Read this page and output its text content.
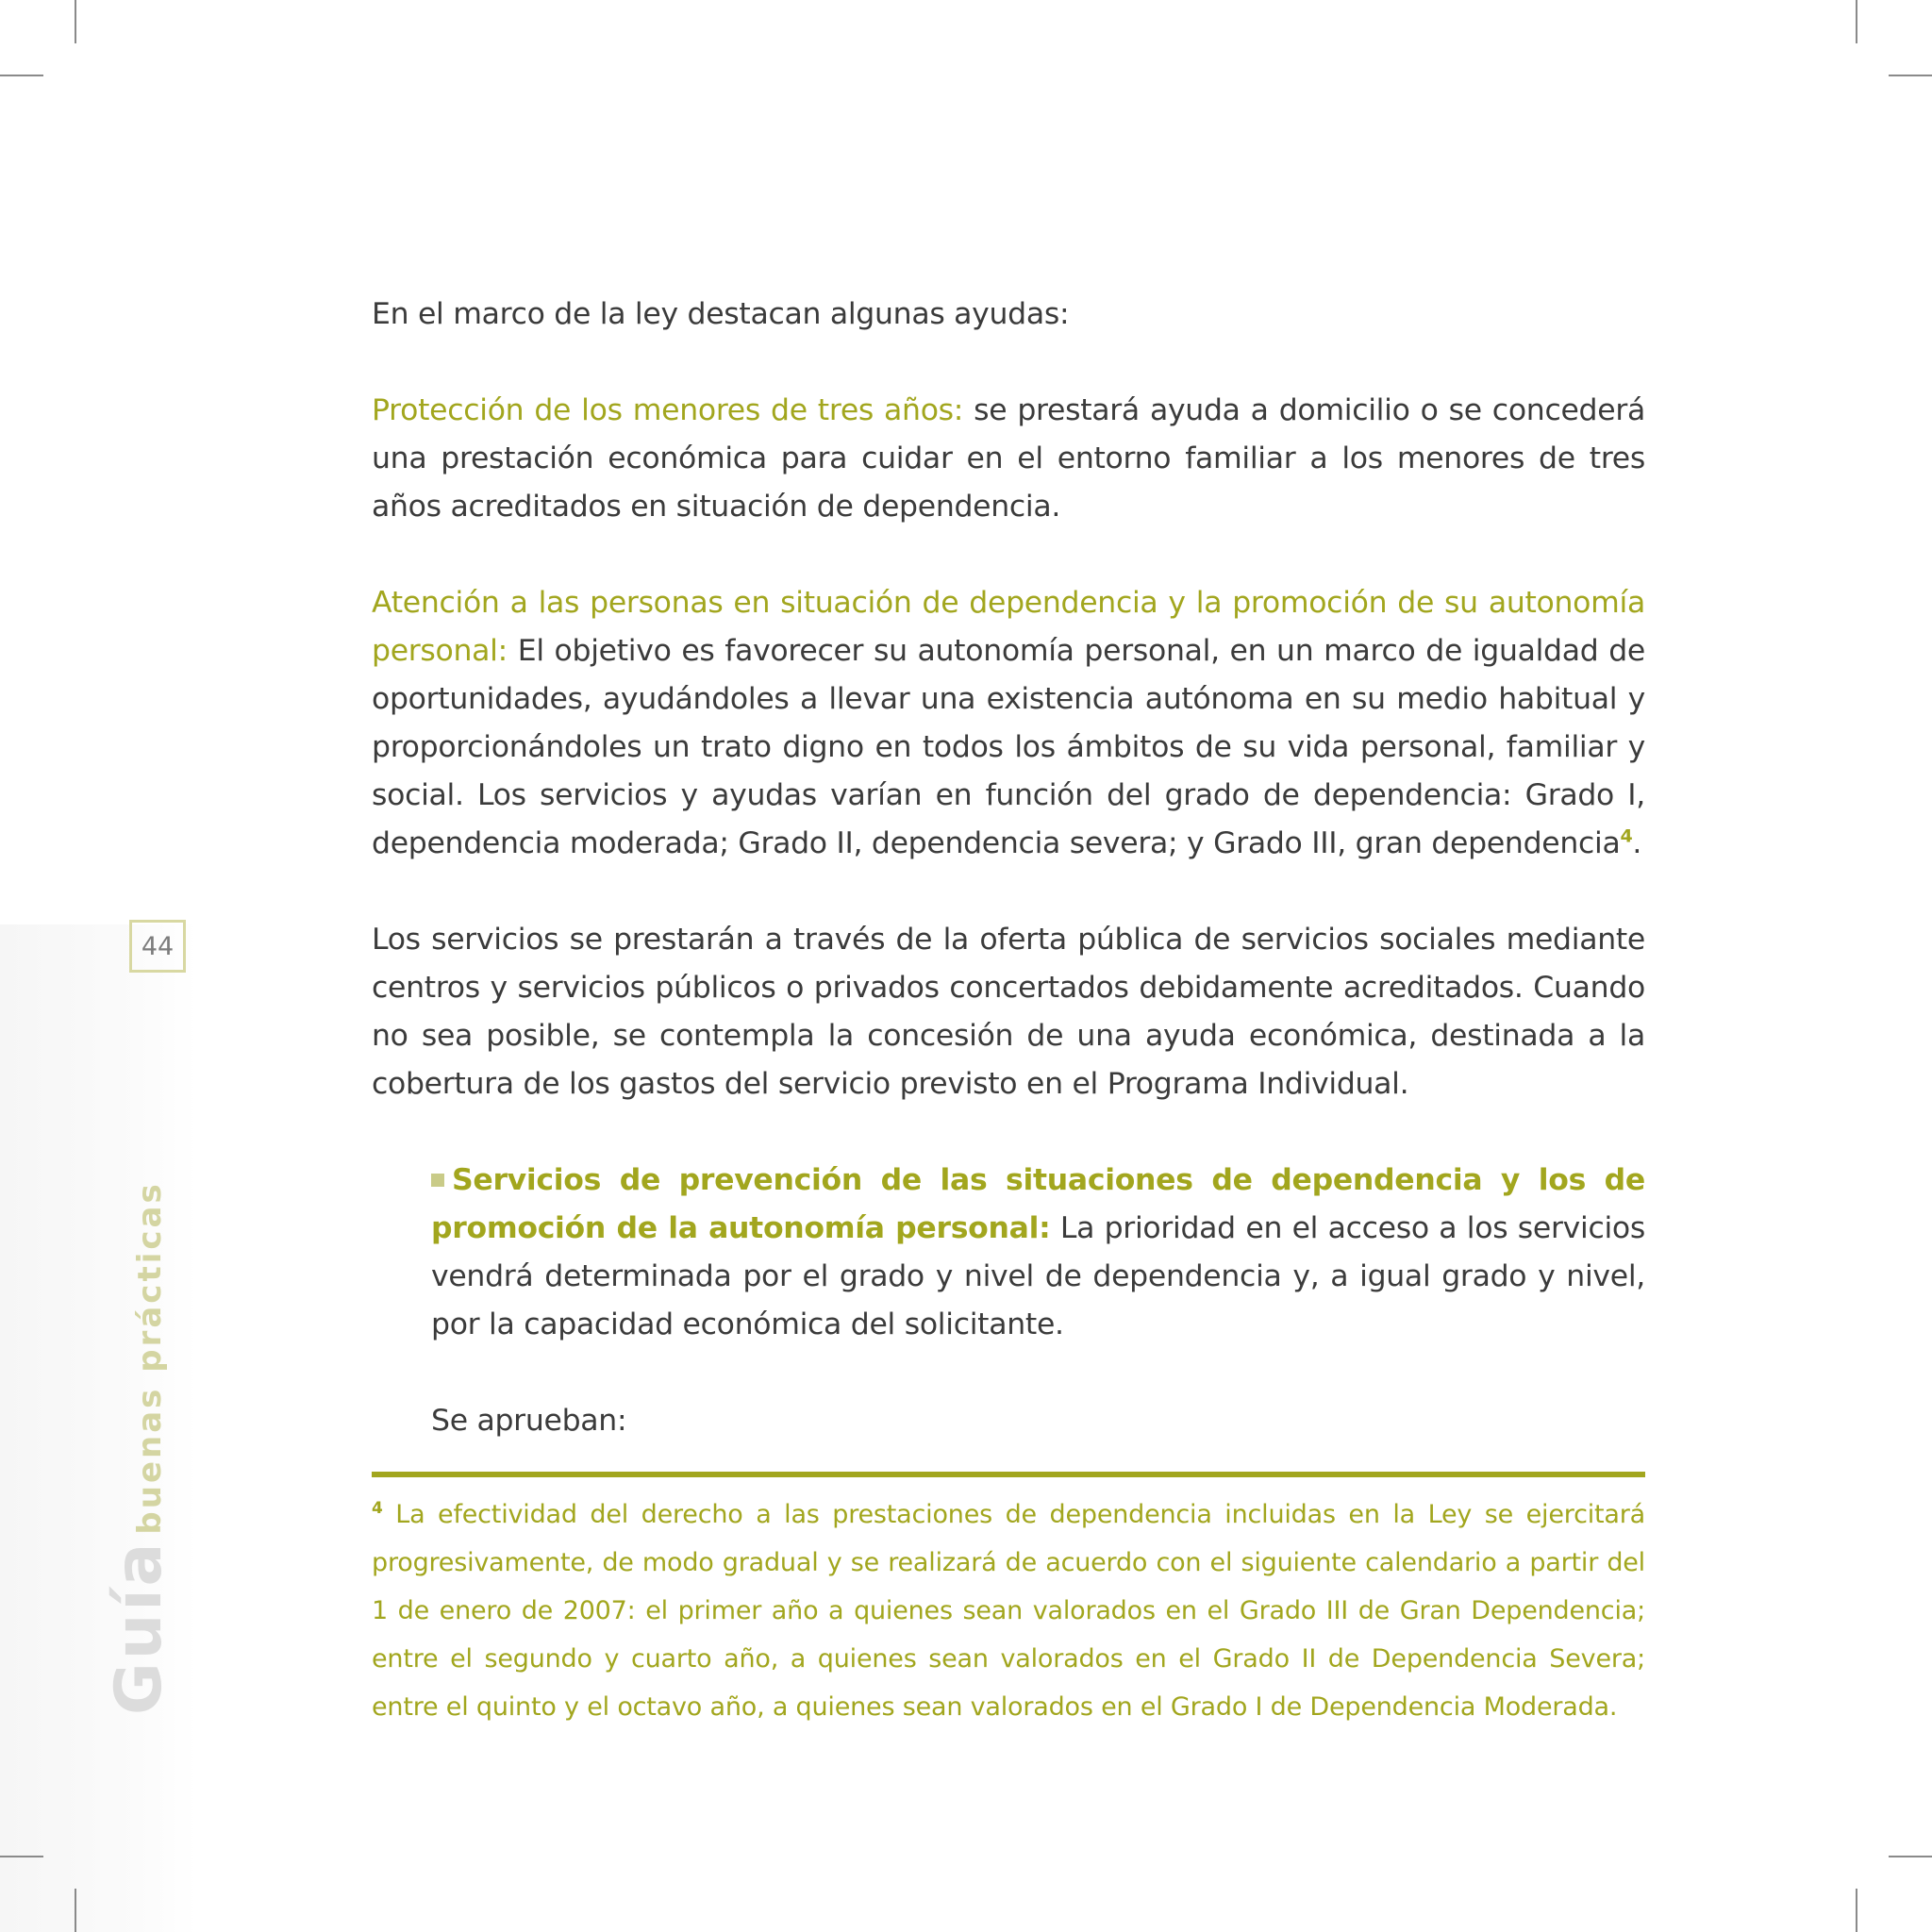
En el marco de la ley destacan algunas ayudas:

Protección de los menores de tres años: se prestará ayuda a domicilio o se concederá una prestación económica para cuidar en el entorno familiar a los menores de tres años acreditados en situación de dependencia.

Atención a las personas en situación de dependencia y la promoción de su autonomía personal: El objetivo es favorecer su autonomía personal, en un marco de igualdad de oportunidades, ayudándoles a llevar una existencia autónoma en su medio habitual y proporcionándoles un trato digno en todos los ámbitos de su vida personal, familiar y social. Los servicios y ayudas varían en función del grado de dependencia: Grado I, dependencia moderada; Grado II, dependencia severa; y Grado III, gran dependencia$^4$.

Los servicios se prestarán a través de la oferta pública de servicios sociales mediante centros y servicios públicos o privados concertados debidamente acreditados. Cuando no sea posible, se contempla la concesión de una ayuda económica, destinada a la cobertura de los gastos del servicio previsto en el Programa Individual.

Servicios de prevención de las situaciones de dependencia y los de promoción de la autonomía personal: La prioridad en el acceso a los servicios vendrá determinada por el grado y nivel de dependencia y, a igual grado y nivel, por la capacidad económica del solicitante.

Se aprueban:

$^4$ La efectividad del derecho a las prestaciones de dependencia incluidas en la Ley se ejercitará progresivamente, de modo gradual y se realizará de acuerdo con el siguiente calendario a partir del 1 de enero de 2007: el primer año a quienes sean valorados en el Grado III de Gran Dependencia; entre el segundo y cuarto año, a quienes sean valorados en el Grado II de Dependencia Severa; entre el quinto y el octavo año, a quienes sean valorados en el Grado I de Dependencia Moderada.
44
Guíabuenas prácticas
